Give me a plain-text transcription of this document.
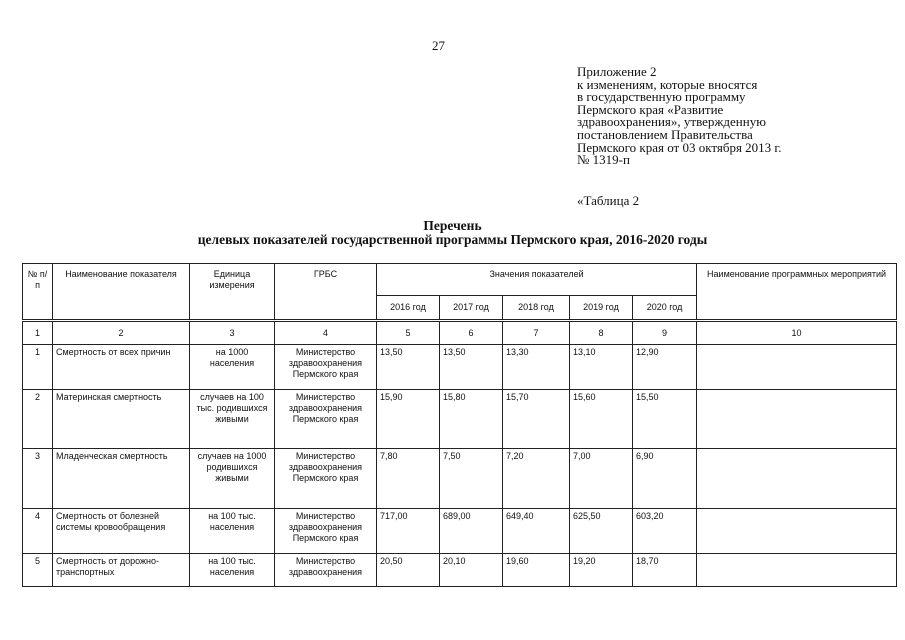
27
Приложение 2
к изменениям, которые вносятся
в государственную программу
Пермского края «Развитие
здравоохранения», утвержденную
постановлением Правительства
Пермского края от 03 октября 2013 г.
№ 1319-п
«Таблица 2
Перечень
целевых показателей государственной программы Пермского края, 2016-2020 годы
№ п/п	Наименование показателя	Единица измерения	ГРБС	Значения показателей					Наименование программных мероприятий
				2016 год	2017 год	2018 год	2019 год	2020 год	

1	2	3	4	5	6	7	8	9	10
1	Смертность от всех причин	на 1000 населения	Министерство здравоохранения Пермского края	13,50	13,50	13,30	13,10	12,90	
2	Материнская смертность	случаев на 100 тыс. родившихся живыми	Министерство здравоохранения Пермского края	15,90	15,80	15,70	15,60	15,50	
3	Младенческая смертность	случаев на 1000 родившихся живыми	Министерство здравоохранения Пермского края	7,80	7,50	7,20	7,00	6,90	
4	Смертность от болезней системы кровообращения	на 100 тыс. населения	Министерство здравоохранения Пермского края	717,00	689,00	649,40	625,50	603,20	
5	Смертность от дорожно-транспортных	на 100 тыс. населения	Министерство здравоохранения	20,50	20,10	19,60	19,20	18,70	
